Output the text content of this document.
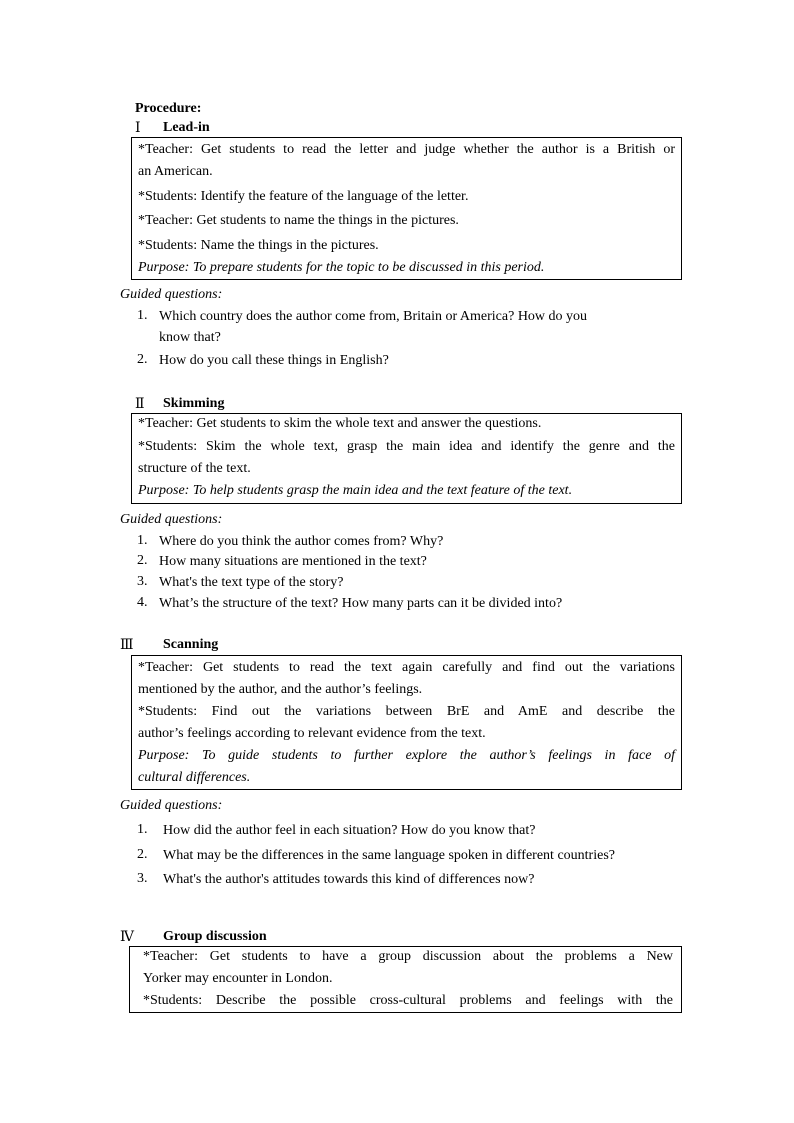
Procedure:
Ⅰ Lead-in
*Teacher: Get students to read the letter and judge whether the author is a British or
an American.
*Students: Identify the feature of the language of the letter.
*Teacher: Get students to name the things in the pictures.
*Students: Name the things in the pictures.
Purpose: To prepare students for the topic to be discussed in this period.
Guided questions:
1. Which country does the author come from, Britain or America? How do you
know that?
2. How do you call these things in English?
Ⅱ Skimming
*Teacher: Get students to skim the whole text and answer the questions.
*Students: Skim the whole text, grasp the main idea and identify the genre and the
structure of the text.
Purpose: To help students grasp the main idea and the text feature of the text.
Guided questions:
1. Where do you think the author comes from? Why?
2. How many situations are mentioned in the text?
3. What's the text type of the story?
4. What’s the structure of the text? How many parts can it be divided into?
Ⅲ Scanning
*Teacher: Get students to read the text again carefully and find out the variations
mentioned by the author, and the author’s feelings.
*Students: Find out the variations between BrE and AmE and describe the
author’s feelings according to relevant evidence from the text.
Purpose: To guide students to further explore the author’s feelings in face of
cultural differences.
Guided questions:
1. How did the author feel in each situation? How do you know that?
2. What may be the differences in the same language spoken in different countries?
3. What's the author's attitudes towards this kind of differences now?
Ⅳ Group discussion
*Teacher: Get students to have a group discussion about the problems a New
Yorker may encounter in London.
*Students: Describe the possible cross-cultural problems and feelings with the
